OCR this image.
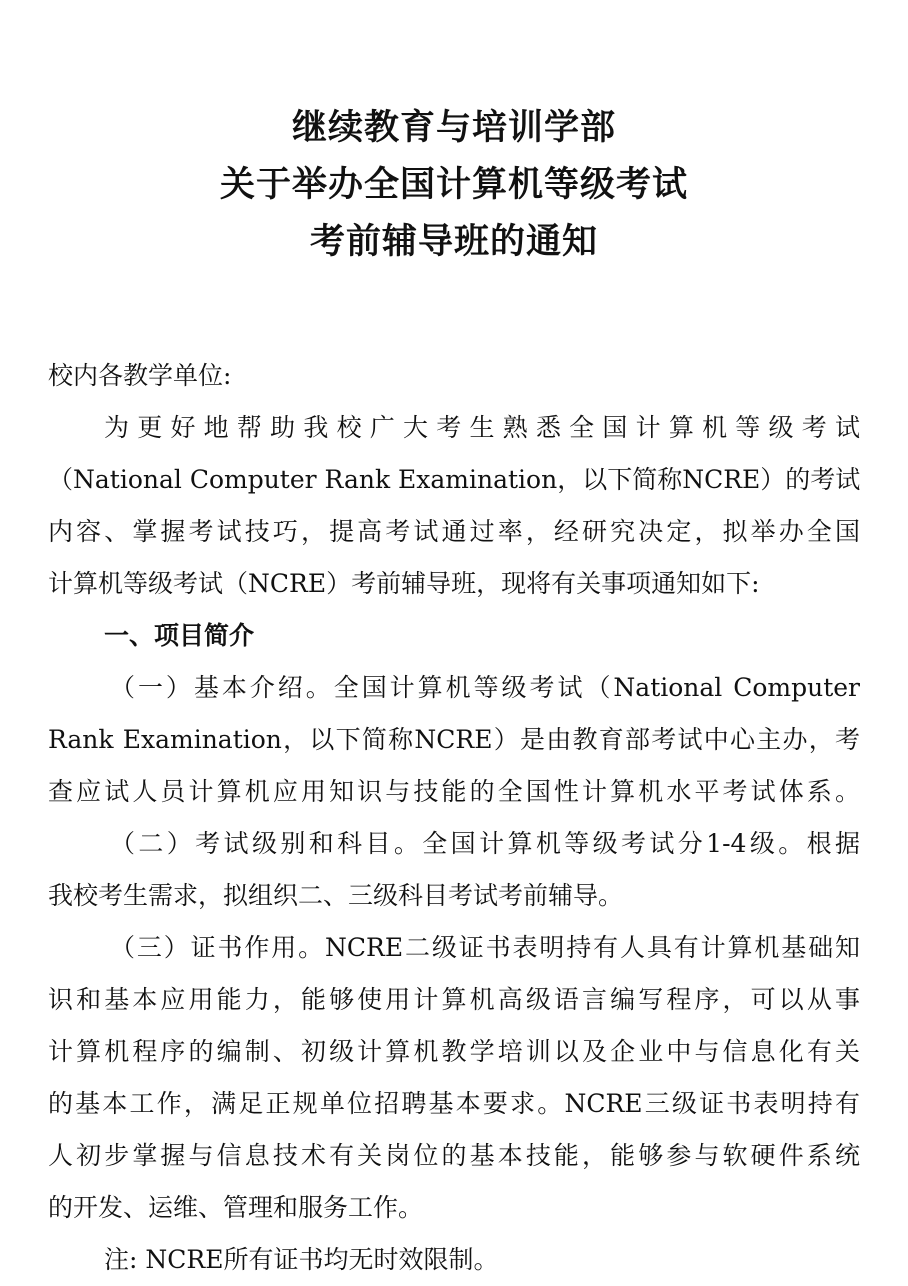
继续教育与培训学部
关于举办全国计算机等级考试
考前辅导班的通知
校内各教学单位:
为更好地帮助我校广大考生熟悉全国计算机等级考试
（National Computer Rank Examination，以下简称NCRE）的考试
内容、掌握考试技巧，提高考试通过率，经研究决定，拟举办全国
计算机等级考试（NCRE）考前辅导班，现将有关事项通知如下:
一、项目简介
（一）基本介绍。全国计算机等级考试（National Computer
Rank Examination，以下简称NCRE）是由教育部考试中心主办，考
查应试人员计算机应用知识与技能的全国性计算机水平考试体系。
（二）考试级别和科目。全国计算机等级考试分1-4级。根据
我校考生需求，拟组织二、三级科目考试考前辅导。
（三）证书作用。NCRE二级证书表明持有人具有计算机基础知
识和基本应用能力，能够使用计算机高级语言编写程序，可以从事
计算机程序的编制、初级计算机教学培训以及企业中与信息化有关
的基本工作，满足正规单位招聘基本要求。NCRE三级证书表明持有
人初步掌握与信息技术有关岗位的基本技能，能够参与软硬件系统
的开发、运维、管理和服务工作。
注: NCRE所有证书均无时效限制。
